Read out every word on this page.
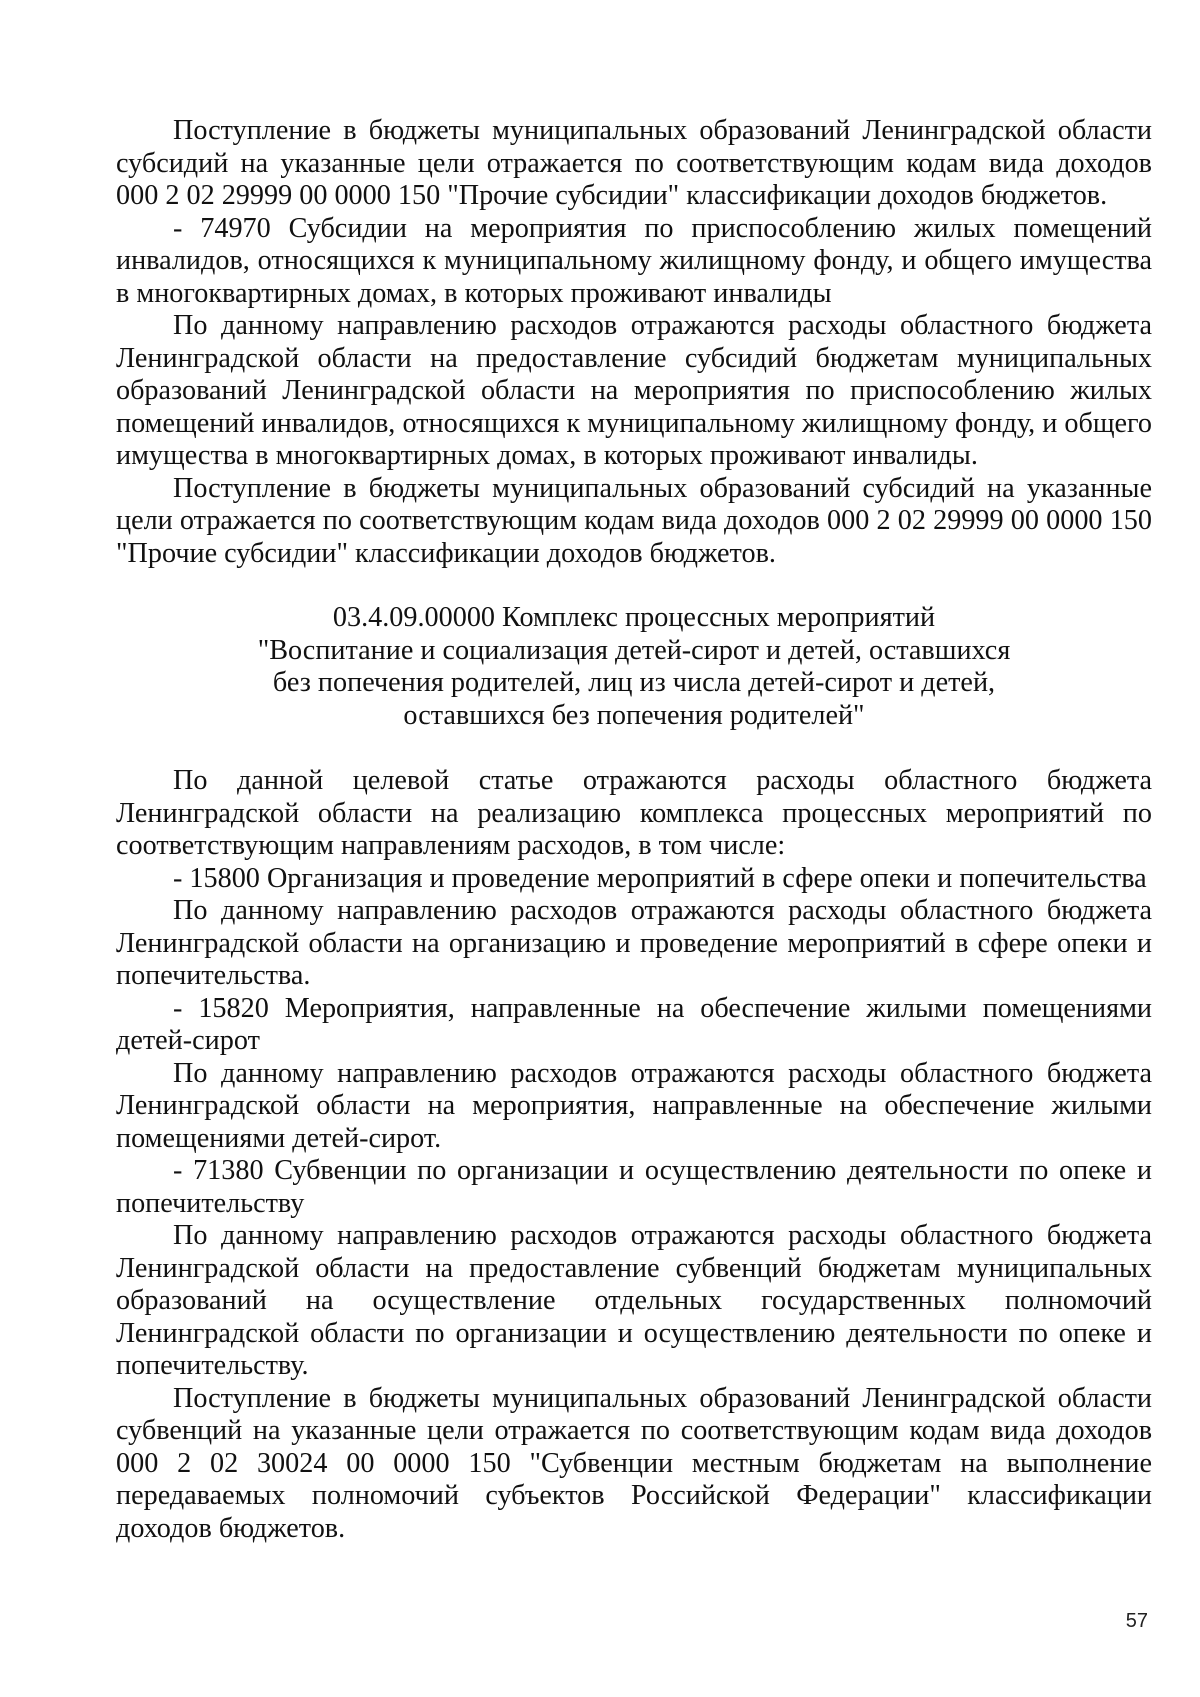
Поступление в бюджеты муниципальных образований Ленинградской области субсидий на указанные цели отражается по соответствующим кодам вида доходов 000 2 02 29999 00 0000 150 "Прочие субсидии" классификации доходов бюджетов.

- 74970 Субсидии на мероприятия по приспособлению жилых помещений инвалидов, относящихся к муниципальному жилищному фонду, и общего имущества в многоквартирных домах, в которых проживают инвалиды

По данному направлению расходов отражаются расходы областного бюджета Ленинградской области на предоставление субсидий бюджетам муниципальных образований Ленинградской области на мероприятия по приспособлению жилых помещений инвалидов, относящихся к муниципальному жилищному фонду, и общего имущества в многоквартирных домах, в которых проживают инвалиды.

Поступление в бюджеты муниципальных образований субсидий на указанные цели отражается по соответствующим кодам вида доходов 000 2 02 29999 00 0000 150 "Прочие субсидии" классификации доходов бюджетов.

03.4.09.00000 Комплекс процессных мероприятий
"Воспитание и социализация детей-сирот и детей, оставшихся
без попечения родителей, лиц из числа детей-сирот и детей,
оставшихся без попечения родителей"

По данной целевой статье отражаются расходы областного бюджета Ленинградской области на реализацию комплекса процессных мероприятий по соответствующим направлениям расходов, в том числе:

- 15800 Организация и проведение мероприятий в сфере опеки и попечительства

По данному направлению расходов отражаются расходы областного бюджета Ленинградской области на организацию и проведение мероприятий в сфере опеки и попечительства.

- 15820 Мероприятия, направленные на обеспечение жилыми помещениями детей-сирот

По данному направлению расходов отражаются расходы областного бюджета Ленинградской области на мероприятия, направленные на обеспечение жилыми помещениями детей-сирот.

- 71380 Субвенции по организации и осуществлению деятельности по опеке и попечительству

По данному направлению расходов отражаются расходы областного бюджета Ленинградской области на предоставление субвенций бюджетам муниципальных образований на осуществление отдельных государственных полномочий Ленинградской области по организации и осуществлению деятельности по опеке и попечительству.

Поступление в бюджеты муниципальных образований Ленинградской области субвенций на указанные цели отражается по соответствующим кодам вида доходов 000 2 02 30024 00 0000 150 "Субвенции местным бюджетам на выполнение передаваемых полномочий субъектов Российской Федерации" классификации доходов бюджетов.

57
